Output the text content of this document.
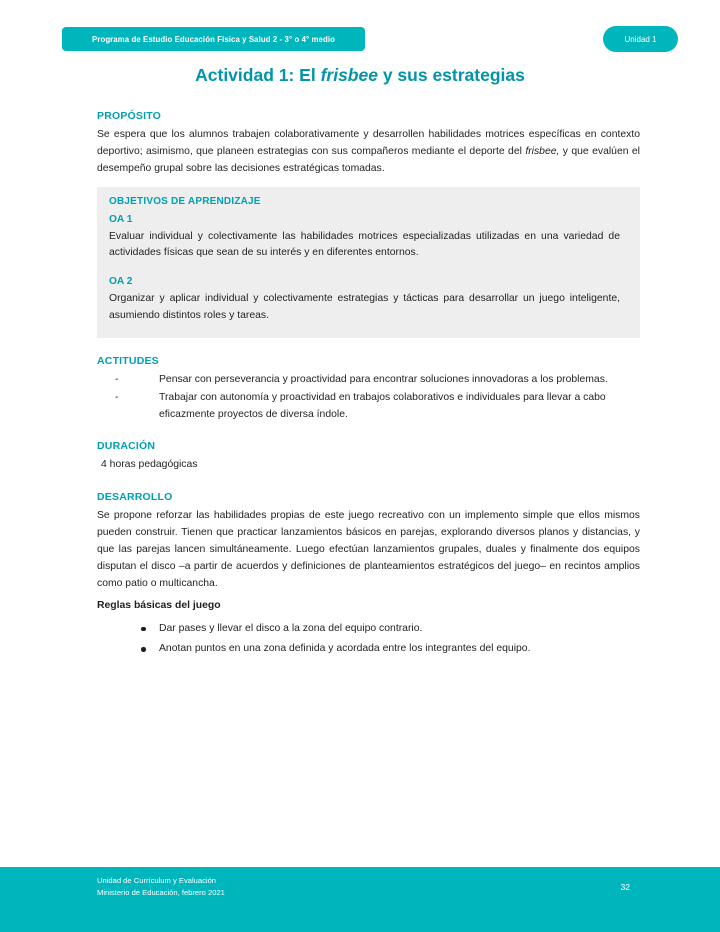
Programa de Estudio Educación Física y Salud 2 - 3° o 4° medio	Unidad 1
Actividad 1: El frisbee y sus estrategias
PROPÓSITO

Se espera que los alumnos trabajen colaborativamente y desarrollen habilidades motrices específicas en contexto deportivo; asimismo, que planeen estrategias con sus compañeros mediante el deporte del frisbee, y que evalúen el desempeño grupal sobre las decisiones estratégicas tomadas.

OBJETIVOS DE APRENDIZAJE
OA 1

Evaluar individual y colectivamente las habilidades motrices especializadas utilizadas en una variedad de actividades físicas que sean de su interés y en diferentes entornos.

OA 2

Organizar y aplicar individual y colectivamente estrategias y tácticas para desarrollar un juego inteligente, asumiendo distintos roles y tareas.

ACTITUDES
-	Pensar con perseverancia y proactividad para encontrar soluciones innovadoras a los problemas.
-	Trabajar con autonomía y proactividad en trabajos colaborativos e individuales para llevar a cabo eficazmente proyectos de diversa índole.
DURACIÓN

4 horas pedagógicas

DESARROLLO

Se propone reforzar las habilidades propias de este juego recreativo con un implemento simple que ellos mismos pueden construir. Tienen que practicar lanzamientos básicos en parejas, explorando diversos planos y distancias, y que las parejas lancen simultáneamente. Luego efectúan lanzamientos grupales, duales y finalmente dos equipos disputan el disco –a partir de acuerdos y definiciones de planteamientos estratégicos del juego– en recintos amplios como patio o multicancha.

Reglas básicas del juego
Dar pases y llevar el disco a la zona del equipo contrario.
Anotan puntos en una zona definida y acordada entre los integrantes del equipo.
Unidad de Currículum y Evaluación
Ministerio de Educación, febrero 2021
32
